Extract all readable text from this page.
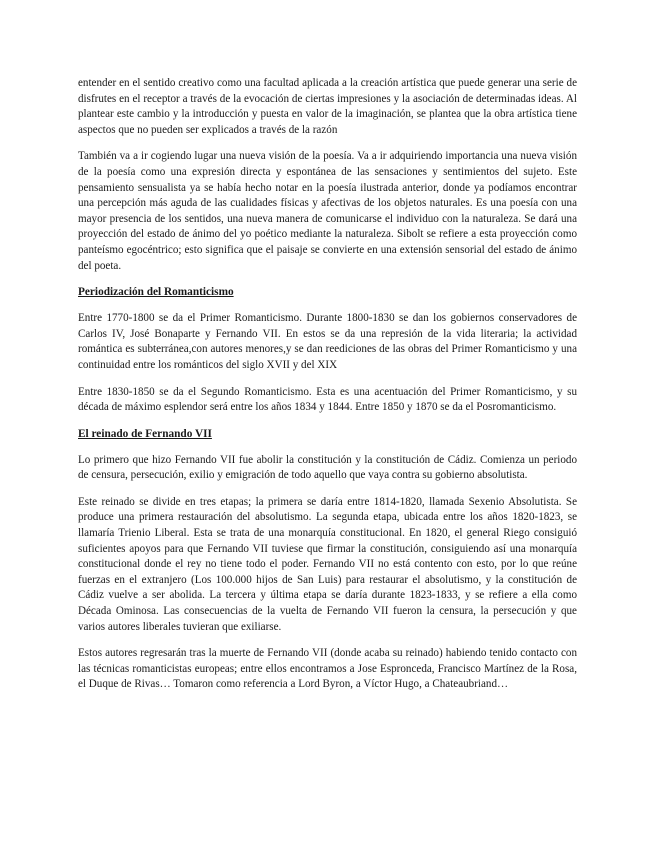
entender en el sentido creativo como una facultad aplicada a la creación artística que puede generar una serie de disfrutes en el receptor a través de la evocación de ciertas impresiones y la asociación de determinadas ideas. Al plantear este cambio y la introducción y puesta en valor de la imaginación, se plantea que la obra artística tiene aspectos que no pueden ser explicados a través de la razón

También va a ir cogiendo lugar una nueva visión de la poesía. Va a ir adquiriendo importancia una nueva visión de la poesía como una expresión directa y espontánea de las sensaciones y sentimientos del sujeto. Este pensamiento sensualista ya se había hecho notar en la poesía ilustrada anterior, donde ya podíamos encontrar una percepción más aguda de las cualidades físicas y afectivas de los objetos naturales. Es una poesía con una mayor presencia de los sentidos, una nueva manera de comunicarse el individuo con la naturaleza. Se dará una proyección del estado de ánimo del yo poético mediante la naturaleza. Sibolt se refiere a esta proyección como panteísmo egocéntrico; esto significa que el paisaje se convierte en una extensión sensorial del estado de ánimo del poeta.

Periodización del Romanticismo

Entre 1770-1800 se da el Primer Romanticismo. Durante 1800-1830 se dan los gobiernos conservadores de Carlos IV, José Bonaparte y Fernando VII. En estos se da una represión de la vida literaria; la actividad romántica es subterránea,con autores menores,y se dan reediciones de las obras del Primer Romanticismo y una continuidad entre los románticos del siglo XVII y del XIX

Entre 1830-1850 se da el Segundo Romanticismo. Esta es una acentuación del Primer Romanticismo, y su década de máximo esplendor será entre los años 1834 y 1844. Entre 1850 y 1870 se da el Posromanticismo.

El reinado de Fernando VII

Lo primero que hizo Fernando VII fue abolir la constitución y la constitución de Cádiz. Comienza un periodo de censura, persecución, exilio y emigración de todo aquello que vaya contra su gobierno absolutista.

Este reinado se divide en tres etapas; la primera se daría entre 1814-1820, llamada Sexenio Absolutista. Se produce una primera restauración del absolutismo. La segunda etapa, ubicada entre los años 1820-1823, se llamaría Trienio Liberal. Esta se trata de una monarquía constitucional. En 1820, el general Riego consiguió suficientes apoyos para que Fernando VII tuviese que firmar la constitución, consiguiendo así una monarquía constitucional donde el rey no tiene todo el poder. Fernando VII no está contento con esto, por lo que reúne fuerzas en el extranjero (Los 100.000 hijos de San Luis) para restaurar el absolutismo, y la constitución de Cádiz vuelve a ser abolida. La tercera y última etapa se daría durante 1823-1833, y se refiere a ella como Década Ominosa. Las consecuencias de la vuelta de Fernando VII fueron la censura, la persecución y que varios autores liberales tuvieran que exiliarse.

Estos autores regresarán tras la muerte de Fernando VII (donde acaba su reinado) habiendo tenido contacto con las técnicas romanticistas europeas; entre ellos encontramos a Jose Espronceda, Francisco Martínez de la Rosa, el Duque de Rivas… Tomaron como referencia a Lord Byron, a Víctor Hugo, a Chateaubriand…
